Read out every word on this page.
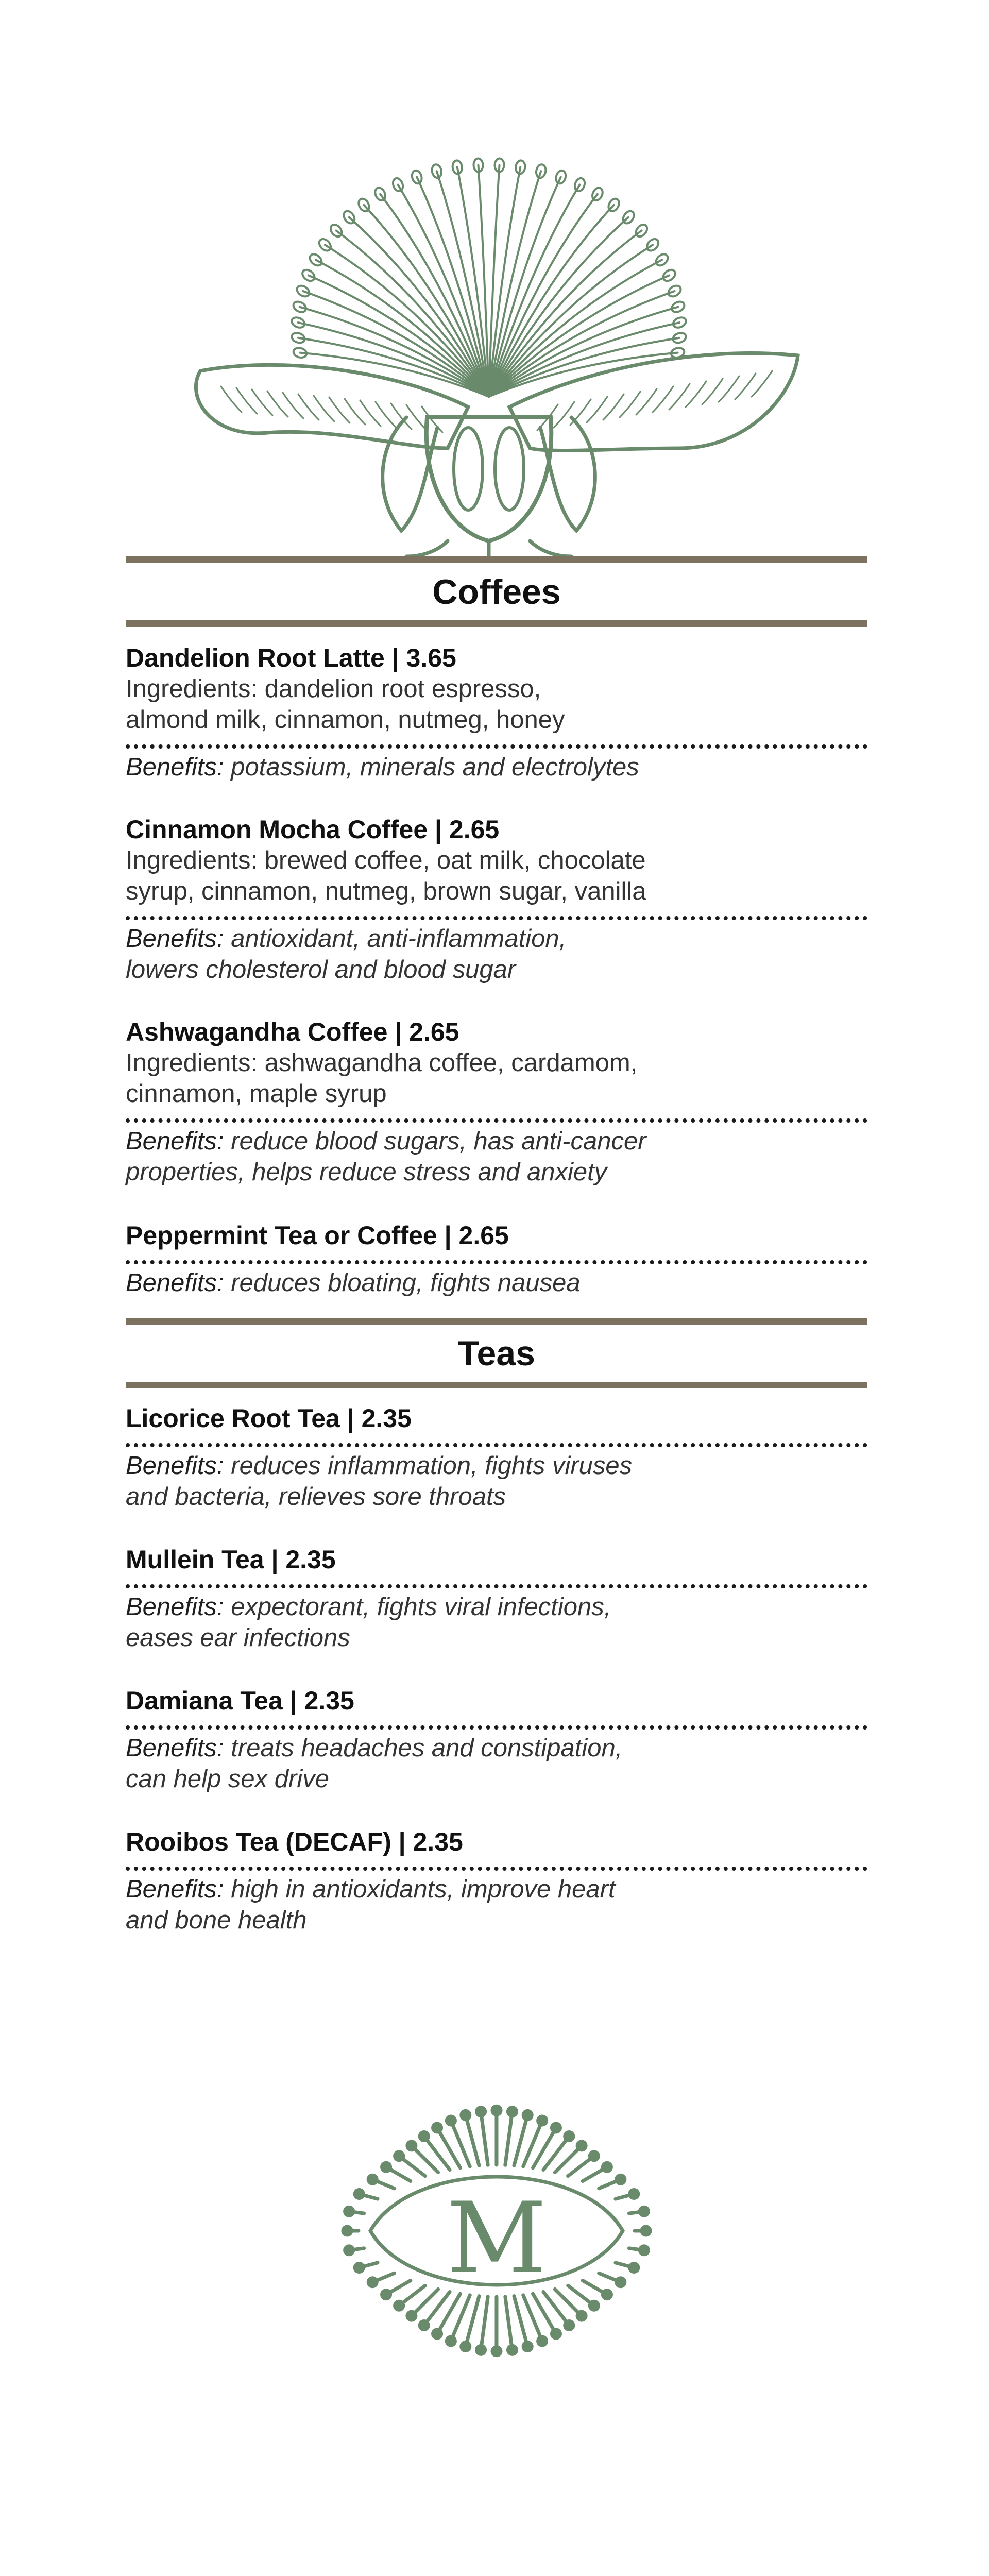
Coffees
Dandelion Root Latte | 3.65
Ingredients: dandelion root espresso,
almond milk, cinnamon, nutmeg, honey
Benefits: potassium, minerals and electrolytes
Cinnamon Mocha Coffee | 2.65
Ingredients: brewed coffee, oat milk, chocolate
syrup, cinnamon, nutmeg, brown sugar, vanilla
Benefits: antioxidant, anti-inflammation,
lowers cholesterol and blood sugar
Ashwagandha Coffee | 2.65
Ingredients: ashwagandha coffee, cardamom,
cinnamon, maple syrup
Benefits: reduce blood sugars, has anti-cancer
properties, helps reduce stress and anxiety
Peppermint Tea or Coffee | 2.65
Benefits: reduces bloating, fights nausea
Teas
Licorice Root Tea | 2.35
Benefits: reduces inflammation, fights viruses
and bacteria, relieves sore throats
Mullein Tea | 2.35
Benefits: expectorant, fights viral infections,
eases ear infections
Damiana Tea | 2.35
Benefits: treats headaches and constipation,
can help sex drive
Rooibos Tea (DECAF) | 2.35
Benefits: high in antioxidants, improve heart
and bone health
M
